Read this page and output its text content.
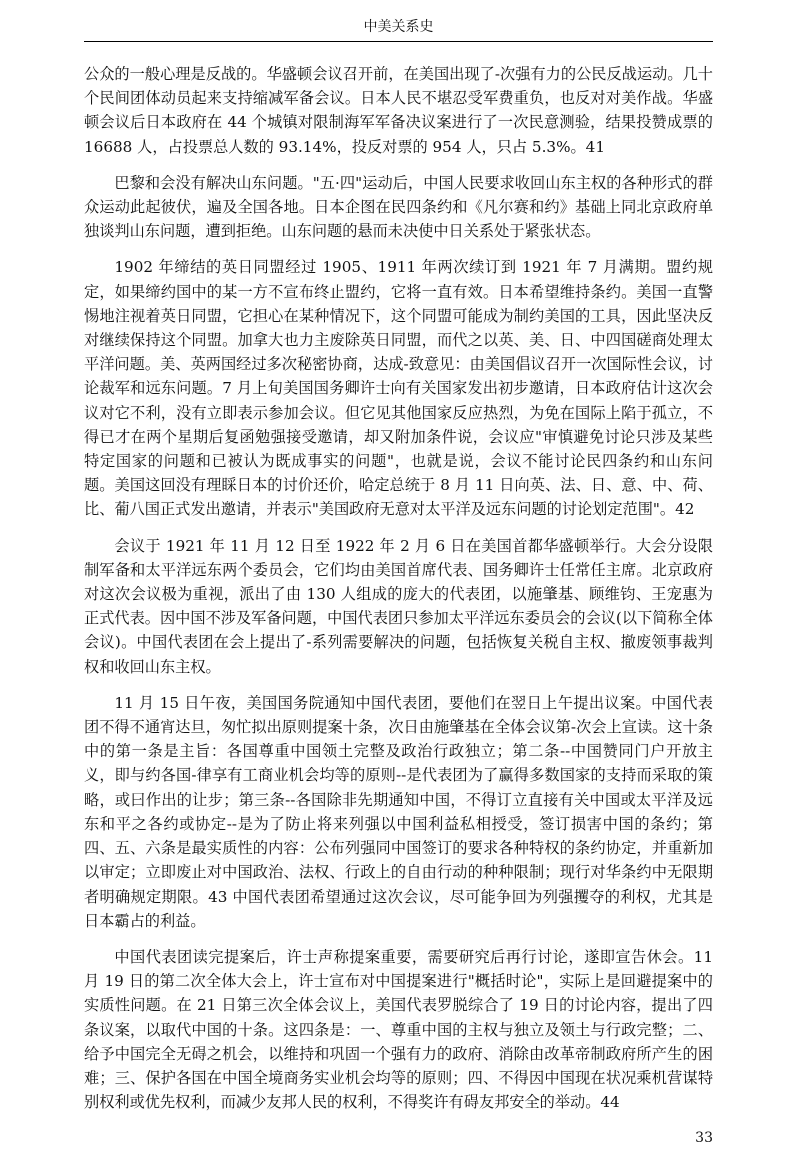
中美关系史

公众的一般心理是反战的。华盛顿会议召开前，在美国出现了-次强有力的公民反战运动。几十个民间团体动员起来支持缩减军备会议。日本人民不堪忍受军费重负，也反对对美作战。华盛顿会议后日本政府在 44 个城镇对限制海军军备决议案进行了一次民意测验，结果投赞成票的 16688 人，占投票总人数的 93.14%，投反对票的 954 人，只占 5.3%。41

巴黎和会没有解决山东问题。"五·四"运动后，中国人民要求收回山东主权的各种形式的群众运动此起彼伏，遍及全国各地。日本企图在民四条约和《凡尔赛和约》基础上同北京政府单独谈判山东问题，遭到拒绝。山东问题的悬而未决使中日关系处于紧张状态。

1902 年缔结的英日同盟经过 1905、1911 年两次续订到 1921 年 7 月满期。盟约规定，如果缔约国中的某一方不宣布终止盟约，它将一直有效。日本希望维持条约。美国一直警惕地注视着英日同盟，它担心在某种情况下，这个同盟可能成为制约美国的工具，因此坚决反对继续保持这个同盟。加拿大也力主废除英日同盟，而代之以英、美、日、中四国磋商处理太平洋问题。美、英两国经过多次秘密协商，达成-致意见：由美国倡议召开一次国际性会议，讨论裁军和远东问题。7 月上旬美国国务卿许士向有关国家发出初步邀请，日本政府估计这次会议对它不利，没有立即表示参加会议。但它见其他国家反应热烈，为免在国际上陷于孤立，不得已才在两个星期后复函勉强接受邀请，却又附加条件说，会议应"审慎避免讨论只涉及某些特定国家的问题和已被认为既成事实的问题"，也就是说，会议不能讨论民四条约和山东问题。美国这回没有理睬日本的讨价还价，哈定总统于 8 月 11 日向英、法、日、意、中、荷、比、葡八国正式发出邀请，并表示"美国政府无意对太平洋及远东问题的讨论划定范围"。42

会议于 1921 年 11 月 12 日至 1922 年 2 月 6 日在美国首都华盛顿举行。大会分设限制军备和太平洋远东两个委员会，它们均由美国首席代表、国务卿许士任常任主席。北京政府对这次会议极为重视，派出了由 130 人组成的庞大的代表团，以施肇基、顾维钧、王宠惠为正式代表。因中国不涉及军备问题，中国代表团只参加太平洋远东委员会的会议(以下简称全体会议)。中国代表团在会上提出了-系列需要解决的问题，包括恢复关税自主权、撤废领事裁判权和收回山东主权。

11 月 15 日午夜，美国国务院通知中国代表团，要他们在翌日上午提出议案。中国代表团不得不通宵达旦，匆忙拟出原则提案十条，次日由施肇基在全体会议第-次会上宣读。这十条中的第一条是主旨：各国尊重中国领土完整及政治行政独立；第二条--中国赞同门户开放主义，即与约各国-律享有工商业机会均等的原则--是代表团为了赢得多数国家的支持而采取的策略，或曰作出的让步；第三条--各国除非先期通知中国，不得订立直接有关中国或太平洋及远东和平之各约或协定--是为了防止将来列强以中国利益私相授受，签订损害中国的条约；第四、五、六条是最实质性的内容：公布列强同中国签订的要求各种特权的条约协定，并重新加以审定；立即废止对中国政治、法权、行政上的自由行动的种种限制；现行对华条约中无限期者明确规定期限。43 中国代表团希望通过这次会议，尽可能争回为列强攫夺的利权，尤其是日本霸占的利益。

中国代表团读完提案后，许士声称提案重要，需要研究后再行讨论，遂即宣告休会。11 月 19 日的第二次全体大会上，许士宣布对中国提案进行"概括时论"，实际上是回避提案中的实质性问题。在 21 日第三次全体会议上，美国代表罗脱综合了 19 日的讨论内容，提出了四条议案，以取代中国的十条。这四条是：一、尊重中国的主权与独立及领土与行政完整；二、给予中国完全无碍之机会，以维持和巩固一个强有力的政府、消除由改革帝制政府所产生的困难；三、保护各国在中国全境商务实业机会均等的原则；四、不得因中国现在状况乘机营谋特别权利或优先权利，而减少友邦人民的权利，不得奖许有碍友邦安全的举动。44

33
